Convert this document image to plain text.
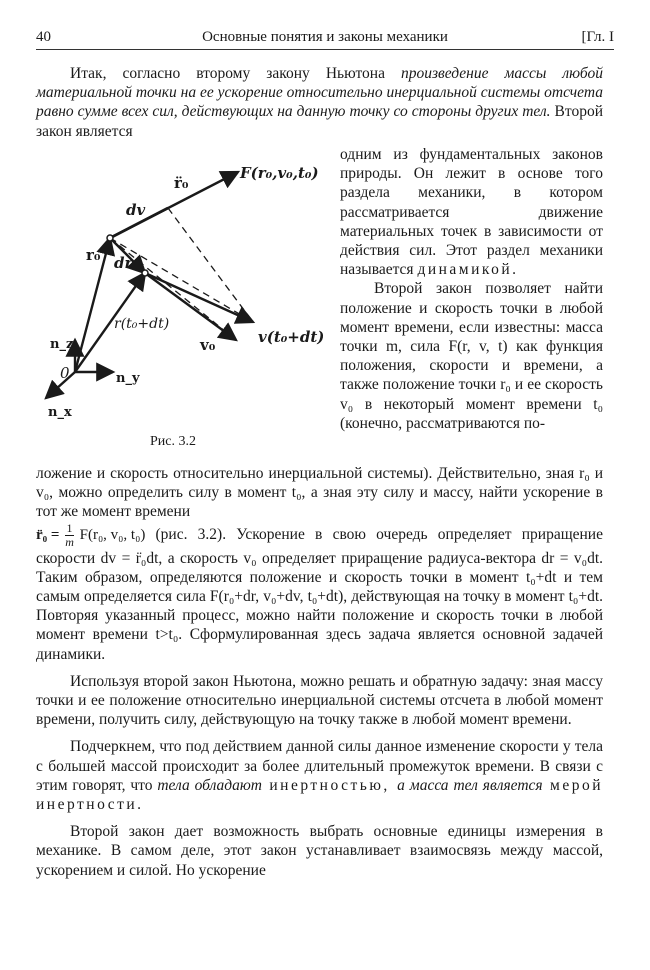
40	Основные понятия и законы механики	[Гл. I
Итак, согласно второму закону Ньютона произведение массы любой материальной точки на ее ускорение относительно инерциальной системы отсчета равно сумме всех сил, действующих на данную точку со стороны других тел. Второй закон является

одним из фундаментальных законов природы. Он лежит в основе того раздела механики, в котором рассматривается движение материальных точек в зависимости от действия сил. Этот раздел механики называется динамикой.

Второй закон позволяет найти положение и скорость точки в любой момент времени, если известны: масса точки m, сила F(r, v, t) как функция положения, скорости и времени, а также положение точки r₀ и ее скорость v₀ в некоторый момент времени t₀ (конечно, рассматриваются по-

F(r₀,v₀,t₀)
r̈₀
dv
r₀ dr
r(t₀+dt)
v(t₀+dt)
v₀
n_z
n_y
n_x
0
Рис. 3.2

ложение и скорость относительно инерциальной системы). Действительно, зная r₀ и v₀, можно определить силу в момент t₀, а зная эту силу и массу, найти ускорение в тот же момент времени
r̈₀ = $\frac{1}{m} F(r_0$, v₀, t₀) (рис. 3.2). Ускорение в свою очередь определяет приращение скорости dv = r̈₀dt, а скорость v₀ определяет приращение радиуса-вектора dr = v₀dt. Таким образом, определяются положение и скорость точки в момент t₀+dt и тем самым определяется сила F(r₀+dr, v₀+dv, t₀+dt), действующая на точку в момент t₀+dt. Повторяя указанный процесс, можно найти положение и скорость точки в любой момент времени t>t₀. Сформулированная здесь задача является основной задачей динамики.

Используя второй закон Ньютона, можно решать и обратную задачу: зная массу точки и ее положение относительно инерциальной системы отсчета в любой момент времени, получить силу, действующую на точку также в любой момент времени.

Подчеркнем, что под действием данной силы данное изменение скорости у тела с большей массой происходит за более длительный промежуток времени. В связи с этим говорят, что тела обладают инертностью, а масса тел является мерой инертности.

Второй закон дает возможность выбрать основные единицы измерения в механике. В самом деле, этот закон устанавливает взаимосвязь между массой, ускорением и силой. Но ускорение
